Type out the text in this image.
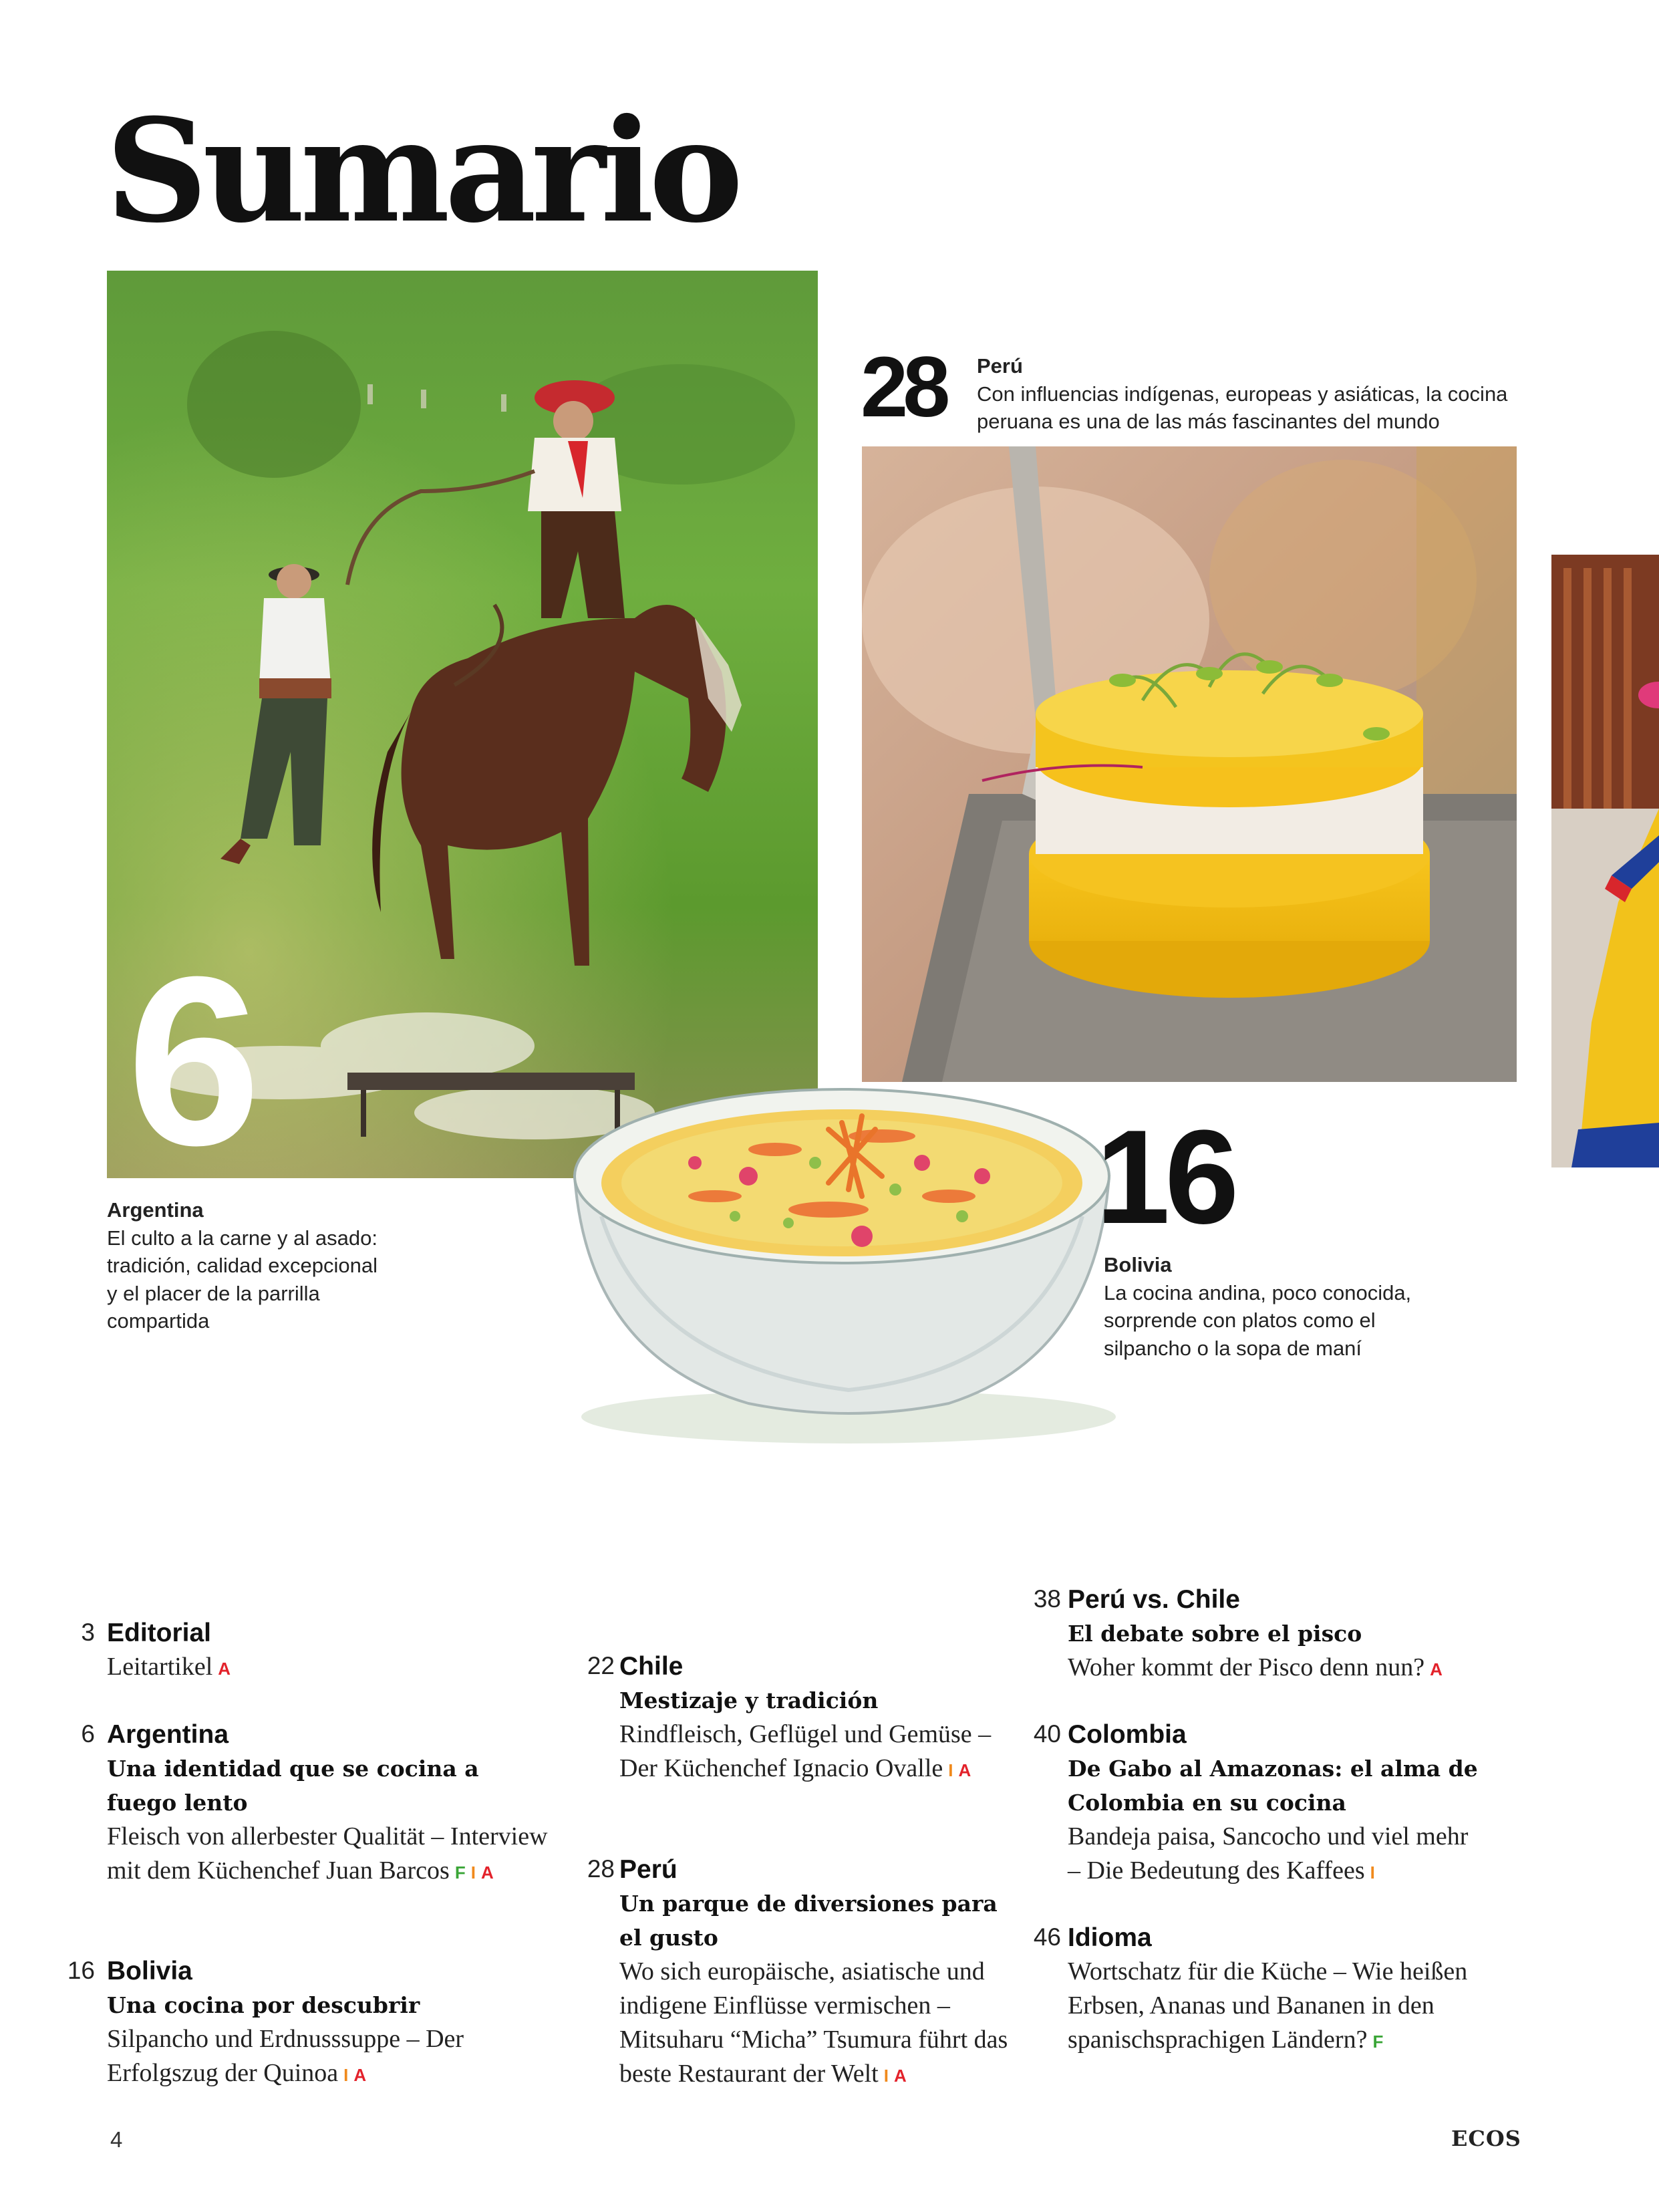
Sumario
6
28
16
Argentina
El culto a la carne y al asado: tradición, calidad excepcional y el placer de la parrilla compartida
Perú
Con influencias indígenas, europeas y asiáticas, la cocina peruana es una de las más fascinantes del mundo
Bolivia
La cocina andina, poco conocida, sorprende con platos como el silpancho o la sopa de maní
3 Editorial
Leitartikel A
6 Argentina
Una identidad que se cocina a fuego lento
Fleisch von allerbester Qualität – Interview mit dem Küchenchef Juan Barcos F I A
16 Bolivia
Una cocina por descubrir
Silpancho und Erdnusssuppe – Der Erfolgszug der Quinoa I A
22 Chile
Mestizaje y tradición
Rindfleisch, Geflügel und Gemüse – Der Küchenchef Ignacio Ovalle I A
28 Perú
Un parque de diversiones para el gusto
Wo sich europäische, asiatische und indigene Einflüsse vermischen – Mitsuharu “Micha” Tsumura führt das beste Restaurant der Welt I A
38 Perú vs. Chile
El debate sobre el pisco
Woher kommt der Pisco denn nun? A
40 Colombia
De Gabo al Amazonas: el alma de Colombia en su cocina
Bandeja paisa, Sancocho und viel mehr – Die Bedeutung des Kaffees I
46 Idioma
Wortschatz für die Küche – Wie heißen Erbsen, Ananas und Bananen in den spanischsprachigen Ländern? F
4	ECOS
